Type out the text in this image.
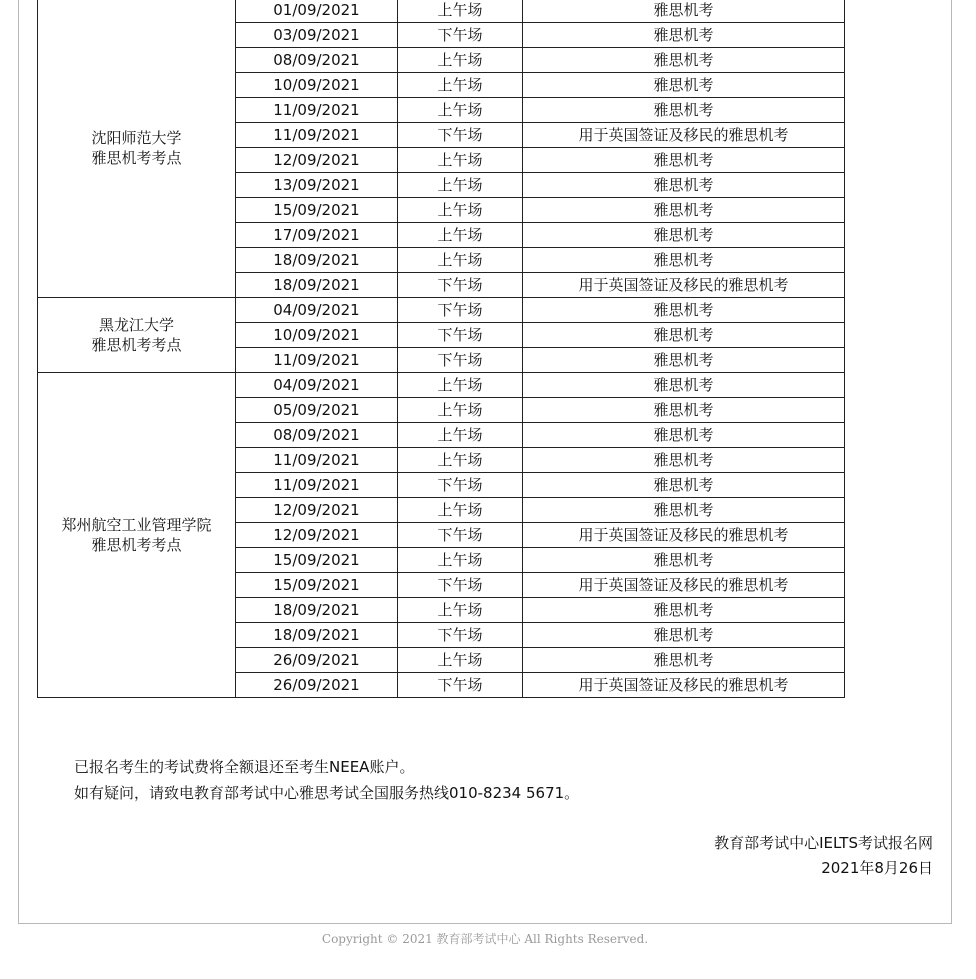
沈阳师范大学
雅思机考考点	01/09/2021	上午场	雅思机考
	03/09/2021	下午场	雅思机考
	08/09/2021	上午场	雅思机考
	10/09/2021	上午场	雅思机考
	11/09/2021	上午场	雅思机考
	11/09/2021	下午场	用于英国签证及移民的雅思机考
	12/09/2021	上午场	雅思机考
	13/09/2021	上午场	雅思机考
	15/09/2021	上午场	雅思机考
	17/09/2021	上午场	雅思机考
	18/09/2021	上午场	雅思机考
	18/09/2021	下午场	用于英国签证及移民的雅思机考

黑龙江大学
雅思机考考点	04/09/2021	下午场	雅思机考
	10/09/2021	下午场	雅思机考
	11/09/2021	下午场	雅思机考

郑州航空工业管理学院
雅思机考考点	04/09/2021	上午场	雅思机考
	05/09/2021	上午场	雅思机考
	08/09/2021	上午场	雅思机考
	11/09/2021	上午场	雅思机考
	11/09/2021	下午场	雅思机考
	12/09/2021	上午场	雅思机考
	12/09/2021	下午场	用于英国签证及移民的雅思机考
	15/09/2021	上午场	雅思机考
	15/09/2021	下午场	用于英国签证及移民的雅思机考
	18/09/2021	上午场	雅思机考
	18/09/2021	下午场	雅思机考
	26/09/2021	上午场	雅思机考
	26/09/2021	下午场	用于英国签证及移民的雅思机考
已报名考生的考试费将全额退还至考生NEEA账户。
如有疑问，请致电教育部考试中心雅思考试全国服务热线010-8234 5671。
教育部考试中心IELTS考试报名网
2021年8月26日
Copyright © 2021 教育部考试中心 All Rights Reserved.
